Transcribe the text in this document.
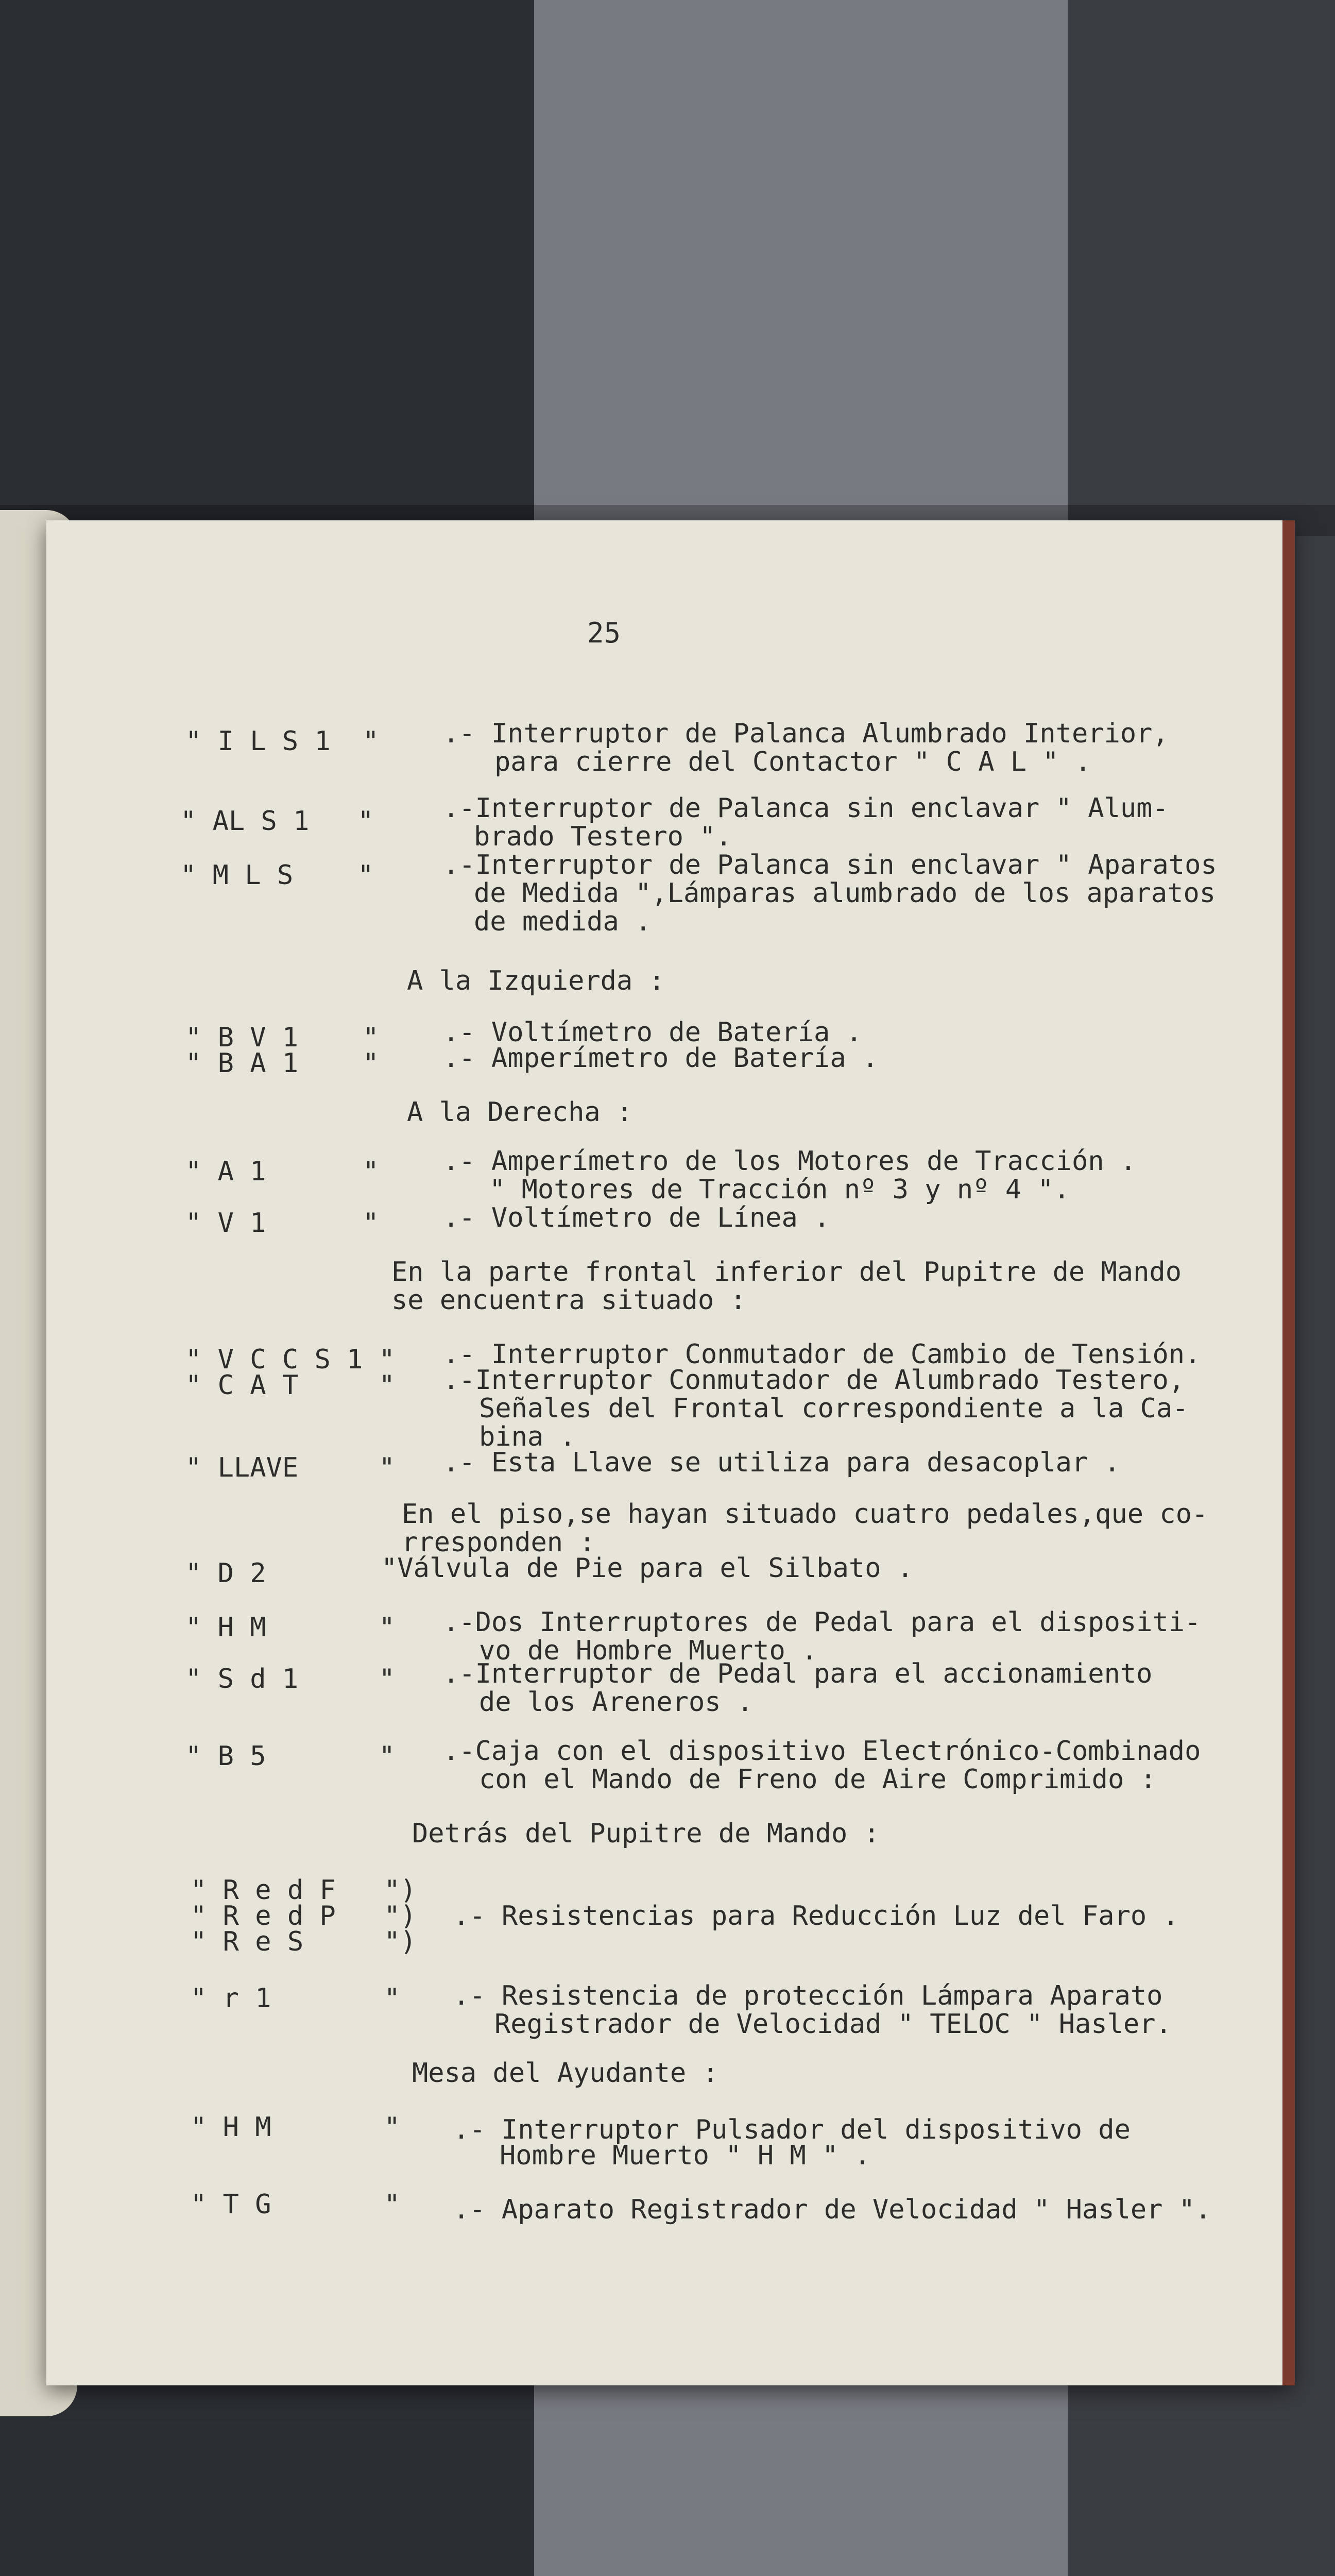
25
" I L S 1  " .- Interruptor de Palanca Alumbrado Interior,
para cierre del Contactor " C A L " .
" AL S 1   "	.-Interruptor de Palanca sin enclavar " Alum-
brado Testero ".
" M L S    "	.-Interruptor de Palanca sin enclavar " Aparatos
de Medida ",Lámparas alumbrado de los aparatos
de medida .
A la Izquierda :
" B V 1    " .- Voltímetro de Batería .
" B A 1    " .- Amperímetro de Batería .
A la Derecha :
" A 1      " .- Amperímetro de los Motores de Tracción .
" Motores de Tracción nº 3 y nº 4 ".
" V 1      " .- Voltímetro de Línea .
En la parte frontal inferior del Pupitre de Mando
se encuentra situado :
" V C C S 1 " .- Interruptor Conmutador de Cambio de Tensión.
" C A T     " .-Interruptor Conmutador de Alumbrado Testero,
Señales del Frontal correspondiente a la Ca-
bina .
" LLAVE     " .- Esta Llave se utiliza para desacoplar .
En el piso,se hayan situado cuatro pedales,que co-
rresponden :
" D 2 "Válvula de Pie para el Silbato .
" H M       " .-Dos Interruptores de Pedal para el dispositi-
vo de Hombre Muerto .
" S d 1     " .-Interruptor de Pedal para el accionamiento
de los Areneros .
" B 5       " .-Caja con el dispositivo Electrónico-Combinado
con el Mando de Freno de Aire Comprimido :
Detrás del Pupitre de Mando :
" R e d F   ")
" R e d P   ")
" R e S     ")
.- Resistencias para Reducción Luz del Faro .
" r 1       " .- Resistencia de protección Lámpara Aparato
Registrador de Velocidad " TELOC " Hasler.
Mesa del Ayudante :
" H M       " .- Interruptor Pulsador del dispositivo de
Hombre Muerto " H M " .
" T G       " .- Aparato Registrador de Velocidad " Hasler ".
